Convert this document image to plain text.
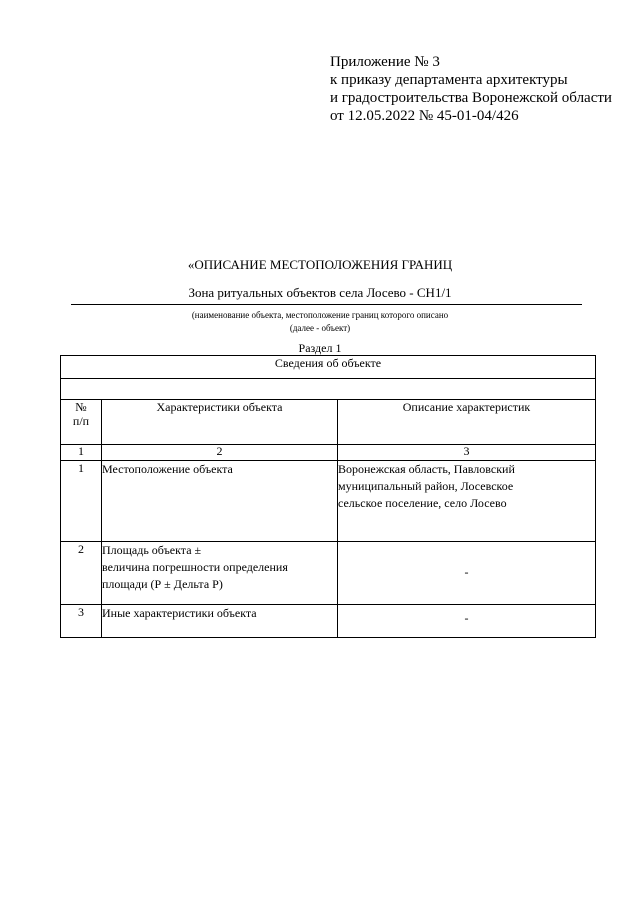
Приложение № 3
к приказу департамента архитектуры
и градостроительства Воронежской области
от 12.05.2022 № 45-01-04/426
«ОПИСАНИЕ МЕСТОПОЛОЖЕНИЯ ГРАНИЦ
Зона ритуальных объектов села Лосево - СН1/1
(наименование объекта, местоположение границ которого описано
(далее - объект)
Раздел 1
Сведения об объекте		

№
п/п	Характеристики объекта	Описание характеристик
1	2	3
1	Местоположение объекта	Воронежская область, Павловский
муниципальный район, Лосевское
сельское поселение, село Лосево

2	Площадь объекта ±
величина погрешности определения
площади (Р ± Дельта Р)	-
3	Иные характеристики объекта	-
